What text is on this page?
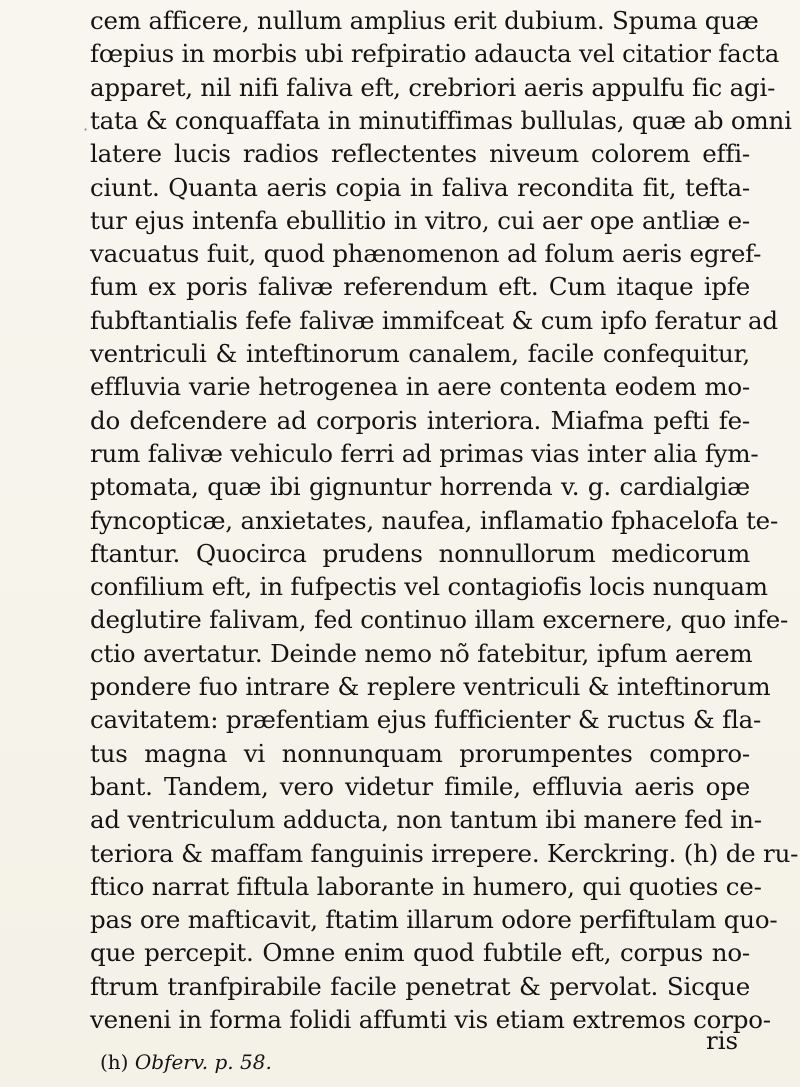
cem afficere, nullum amplius erit dubium. Spuma quæ
fœpius in morbis ubi refpiratio adaucta vel citatior facta
apparet, nil nifi faliva eft, crebriori aeris appulfu fic agi-
tata & conquaffata in minutiffimas bullulas, quæ ab omni
latere lucis radios reflectentes niveum colorem effi-
ciunt. Quanta aeris copia in faliva recondita fit, tefta-
tur ejus intenfa ebullitio in vitro, cui aer ope antliæ e-
vacuatus fuit, quod phænomenon ad folum aeris egref-
fum ex poris falivæ referendum eft. Cum itaque ipfe
fubftantialis fefe falivæ immifceat & cum ipfo feratur ad
ventriculi & inteftinorum canalem, facile confequitur,
effluvia varie hetrogenea in aere contenta eodem mo-
do defcendere ad corporis interiora. Miafma pefti fe-
rum falivæ vehiculo ferri ad primas vias inter alia fym-
ptomata, quæ ibi gignuntur horrenda v. g. cardialgiæ
fyncopticæ, anxietates, naufea, inflamatio fphacelofa te-
ftantur. Quocirca prudens nonnullorum medicorum
confilium eft, in fufpectis vel contagiofis locis nunquam
deglutire falivam, fed continuo illam excernere, quo infe-
ctio avertatur. Deinde nemo nõ fatebitur, ipfum aerem
pondere fuo intrare & replere ventriculi & inteftinorum
cavitatem: præfentiam ejus fufficienter & ructus & fla-
tus magna vi nonnunquam prorumpentes compro-
bant. Tandem, vero videtur fimile, effluvia aeris ope
ad ventriculum adducta, non tantum ibi manere fed in-
teriora & maffam fanguinis irrepere. Kerckring. (h) de ru-
ftico narrat fiftula laborante in humero, qui quoties ce-
pas ore mafticavit, ftatim illarum odore perfiftulam quo-
que percepit. Omne enim quod fubtile eft, corpus no-
ftrum tranfpirabile facile penetrat & pervolat. Sicque
veneni in forma folidi affumti vis etiam extremos corpo-
·
ris
(h) Obferv. p. 58.
